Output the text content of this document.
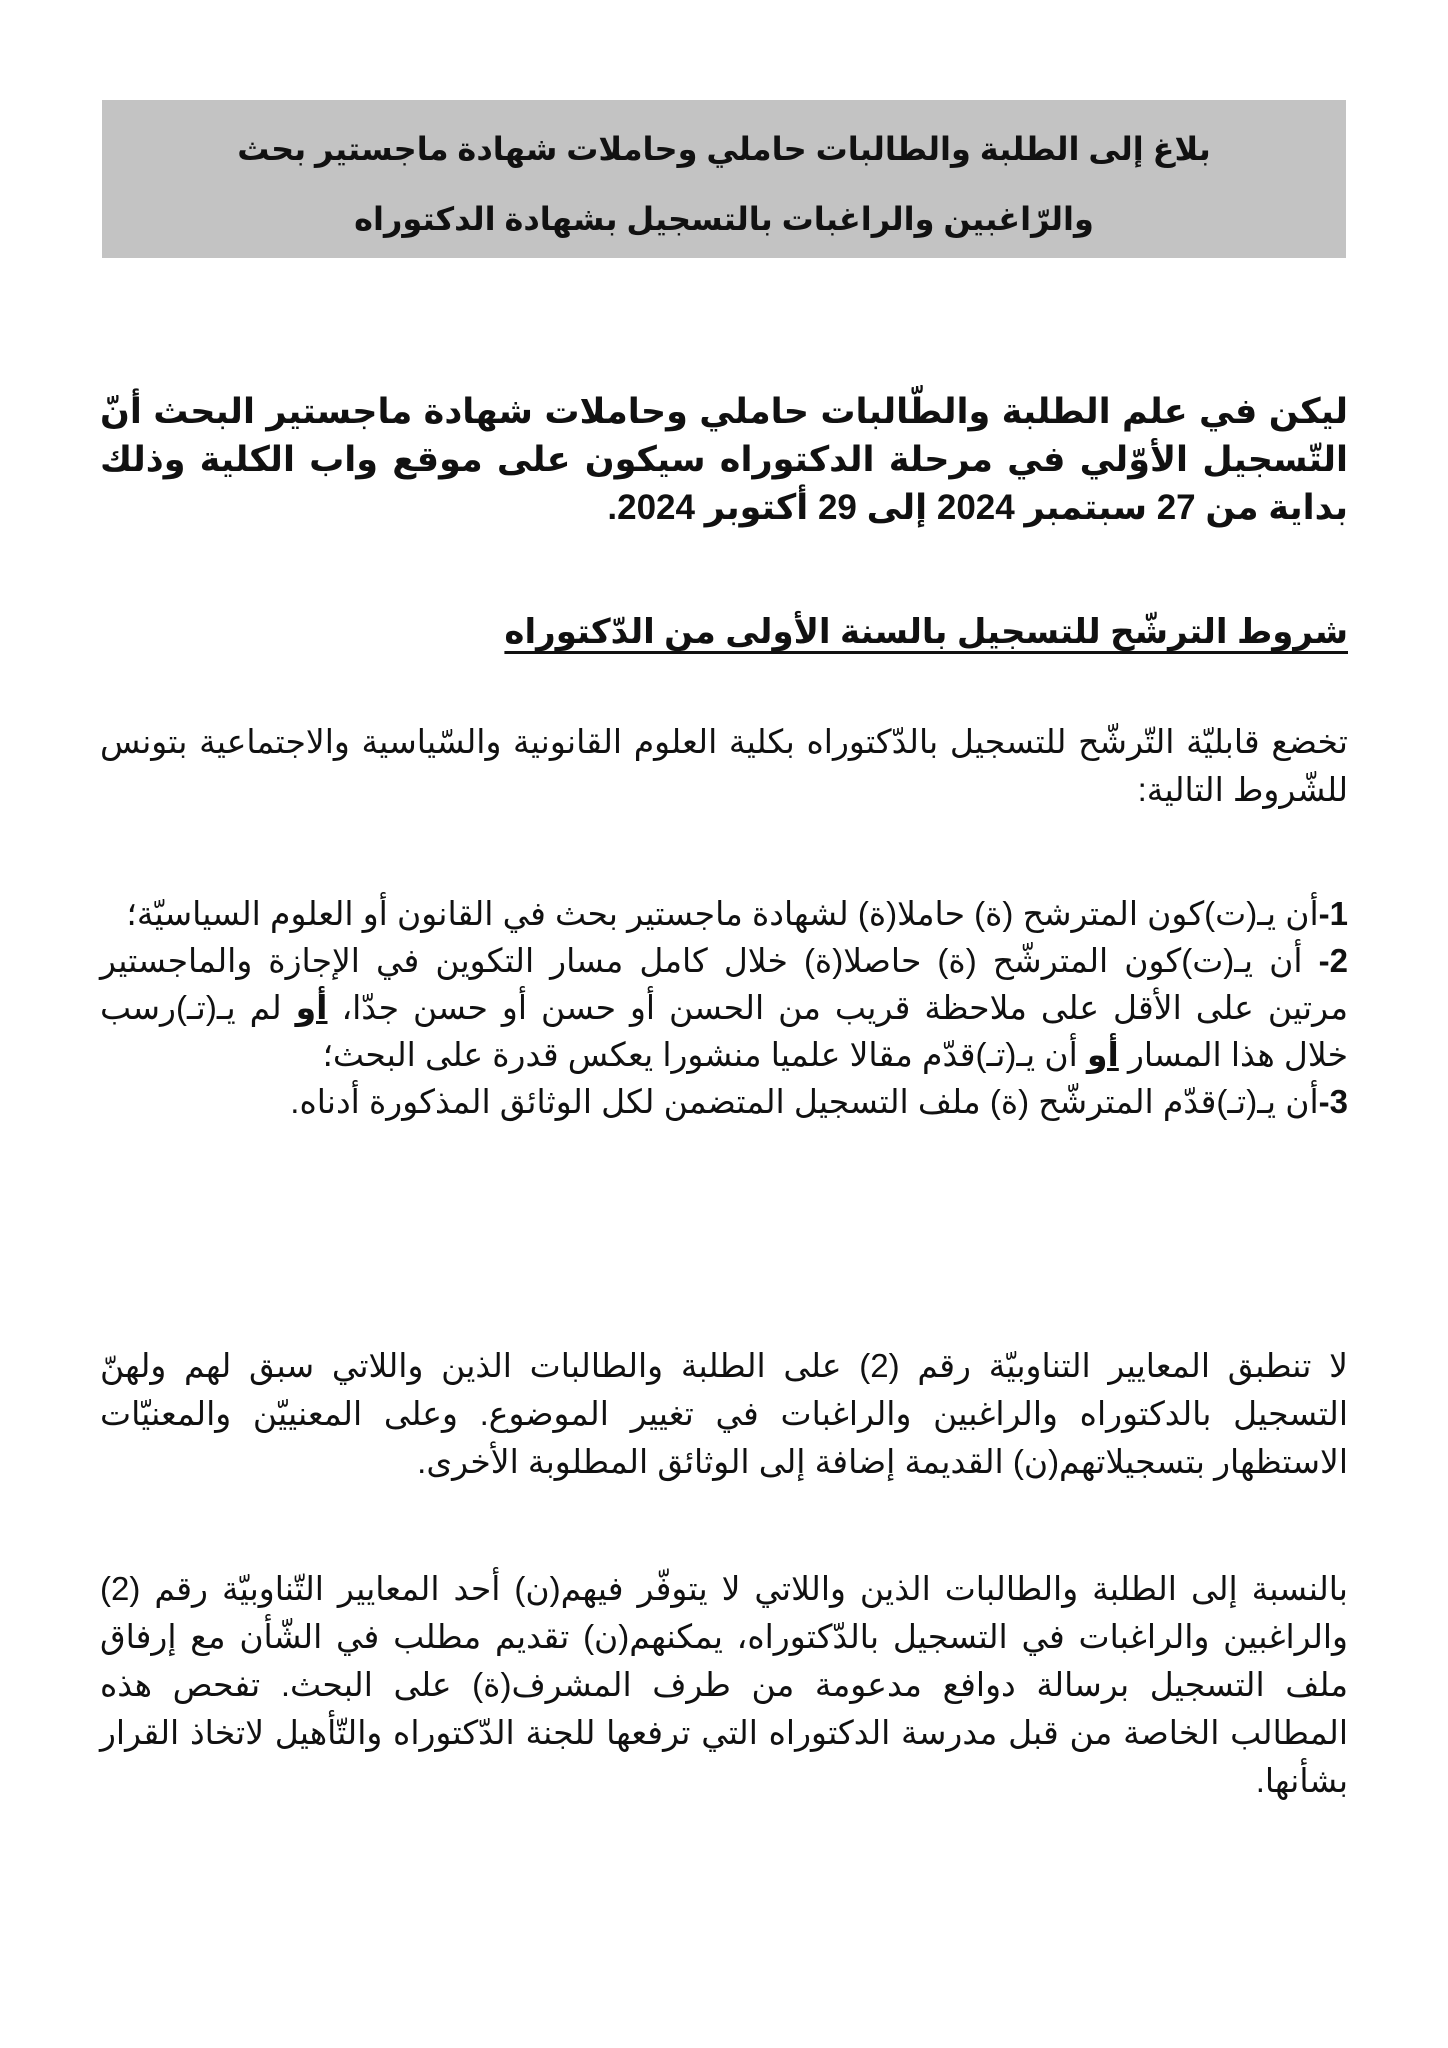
بلاغ إلى الطلبة والطالبات حاملي وحاملات شهادة ماجستير بحث
والرّاغبين والراغبات بالتسجيل بشهادة الدكتوراه
ليكن في علم الطلبة والطّالبات حاملي وحاملات شهادة ماجستير البحث أنّ التّسجيل الأوّلي في مرحلة الدكتوراه سيكون على موقع واب الكلية وذلك بداية من 27 سبتمبر 2024 إلى 29 أكتوبر 2024.
شروط الترشّح للتسجيل بالسنة الأولى من الدّكتوراه
تخضع قابليّة التّرشّح للتسجيل بالدّكتوراه بكلية العلوم القانونية والسّياسية والاجتماعية بتونس للشّروط التالية:
1-أن يـ(ت)كون المترشح (ة) حاملا(ة) لشهادة ماجستير بحث في القانون أو العلوم السياسيّة؛
2- أن يـ(ت)كون المترشّح (ة) حاصلا(ة) خلال كامل مسار التكوين في الإجازة والماجستير مرتين على الأقل على ملاحظة قريب من الحسن أو حسن أو حسن جدّا، أو لم يـ(تـ)رسب خلال هذا المسار أو أن يـ(تـ)قدّم مقالا علميا منشورا يعكس قدرة على البحث؛
3-أن يـ(تـ)قدّم المترشّح (ة) ملف التسجيل المتضمن لكل الوثائق المذكورة أدناه.
لا تنطبق المعايير التناوبيّة رقم (2) على الطلبة والطالبات الذين واللاتي سبق لهم ولهنّ التسجيل بالدكتوراه والراغبين والراغبات في تغيير الموضوع. وعلى المعنييّن والمعنيّات الاستظهار بتسجيلاتهم(ن) القديمة إضافة إلى الوثائق المطلوبة الأخرى.
بالنسبة إلى الطلبة والطالبات الذين واللاتي لا يتوفّر فيهم(ن) أحد المعايير التّناوبيّة رقم (2) والراغبين والراغبات في التسجيل بالدّكتوراه، يمكنهم(ن) تقديم مطلب في الشّأن مع إرفاق ملف التسجيل برسالة دوافع مدعومة من طرف المشرف(ة) على البحث. تفحص هذه المطالب الخاصة من قبل مدرسة الدكتوراه التي ترفعها للجنة الدّكتوراه والتّأهيل لاتخاذ القرار بشأنها.
